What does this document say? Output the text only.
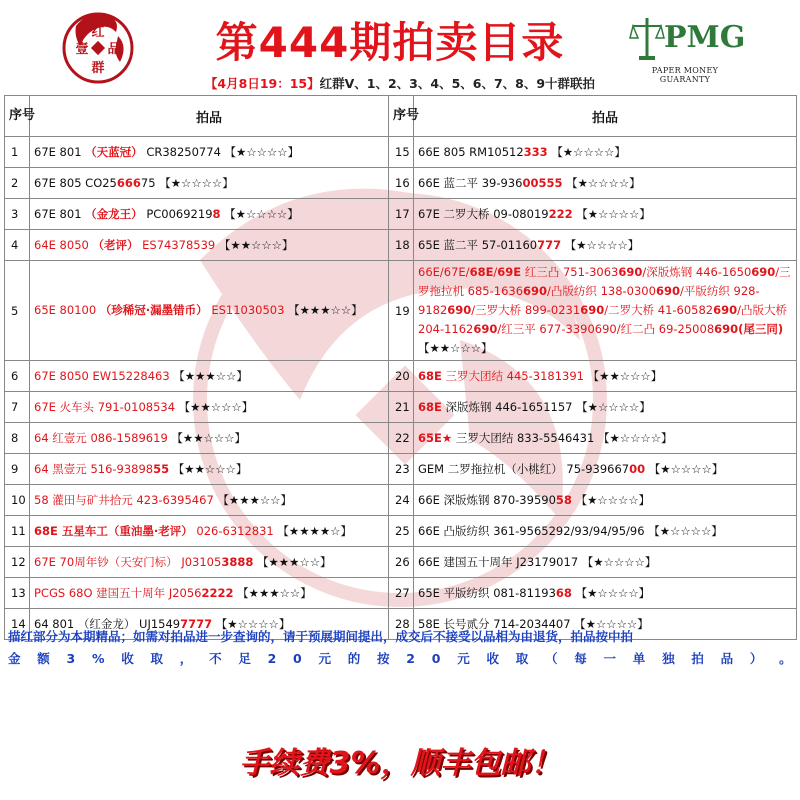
红
壹 品
群
第444期拍卖目录	PMG
PAPER MONEY GUARANTY
【4月8日19：15】红群Ⅴ、1、2、3、4、5、6、7、8、9十群联拍
序号	拍品	序号	拍品
1	67E 801 （天蓝冠） CR38250774 【★☆☆☆☆】	15	66E 805 RM10512333 【★☆☆☆☆】
2	67E 805 CO2566675 【★☆☆☆☆】	16	66E 蓝二平 39-93600555 【★☆☆☆☆】
3	67E 801 （金龙王） PC00692198 【★☆☆☆☆】	17	67E 二罗大桥 09-08019222 【★☆☆☆☆】
4	64E 8050 （老评） ES74378539 【★★☆☆☆】	18	65E 蓝二平 57-01160777 【★☆☆☆☆】
5	65E 80100 （珍稀冠·漏墨错币） ES11030503 【★★★☆☆】	19	66E/67E/68E/69E 红三凸 751-3063690/深版炼钢 446-1650690/三罗拖拉机 685-1636690/凸版纺织 138-0300690/平版纺织 928-9182690/三罗大桥 899-0231690/二罗大桥 41-60582690/凸版大桥 204-1162690/红三平 677-3390690/红二凸 69-25008690(尾三同) 【★★☆☆☆】
6	67E 8050 EW15228463 【★★★☆☆】	20	68E 三罗大团结 445-3181391 【★★☆☆☆】
7	67E 火车头 791-0108534 【★★☆☆☆】	21	68E 深版炼钢 446-1651157 【★☆☆☆☆】
8	64 红壹元 086-1589619 【★★☆☆☆】	22	65E★ 三罗大团结 833-5546431 【★☆☆☆☆】
9	64 黑壹元 516-9389855 【★★☆☆☆】	23	GEM 二罗拖拉机（小桃红） 75-93966700 【★☆☆☆☆】
10	58 灌田与矿井拾元 423-6395467 【★★★☆☆】	24	66E 深版炼钢 870-3959058 【★☆☆☆☆】
11	68E 五星车工（重油墨·老评） 026-6312831 【★★★★☆】	25	66E 凸版纺织 361-9565292/93/94/95/96 【★☆☆☆☆】
12	67E 70周年钞（天安门标） J031053888 【★★★☆☆】	26	66E 建国五十周年 J23179017 【★☆☆☆☆】
13	PCGS 68O 建国五十周年 J20562222 【★★★☆☆】	27	65E 平版纺织 081-8119368 【★☆☆☆☆】
14	64 801 （红金龙） UJ15497777 【★☆☆☆☆】	28	58E 长号贰分 714-2034407 【★☆☆☆☆】
描红部分为本期精品；如需对拍品进一步查询的，请于预展期间提出，成交后不接受以品相为由退货，拍品按中拍
金 额 3 % 收 取 ， 不 足 2 0 元 的 按 2 0 元 收 取 （ 每 一 单 独 拍 品 ） 。
手续费3%，顺丰包邮！
